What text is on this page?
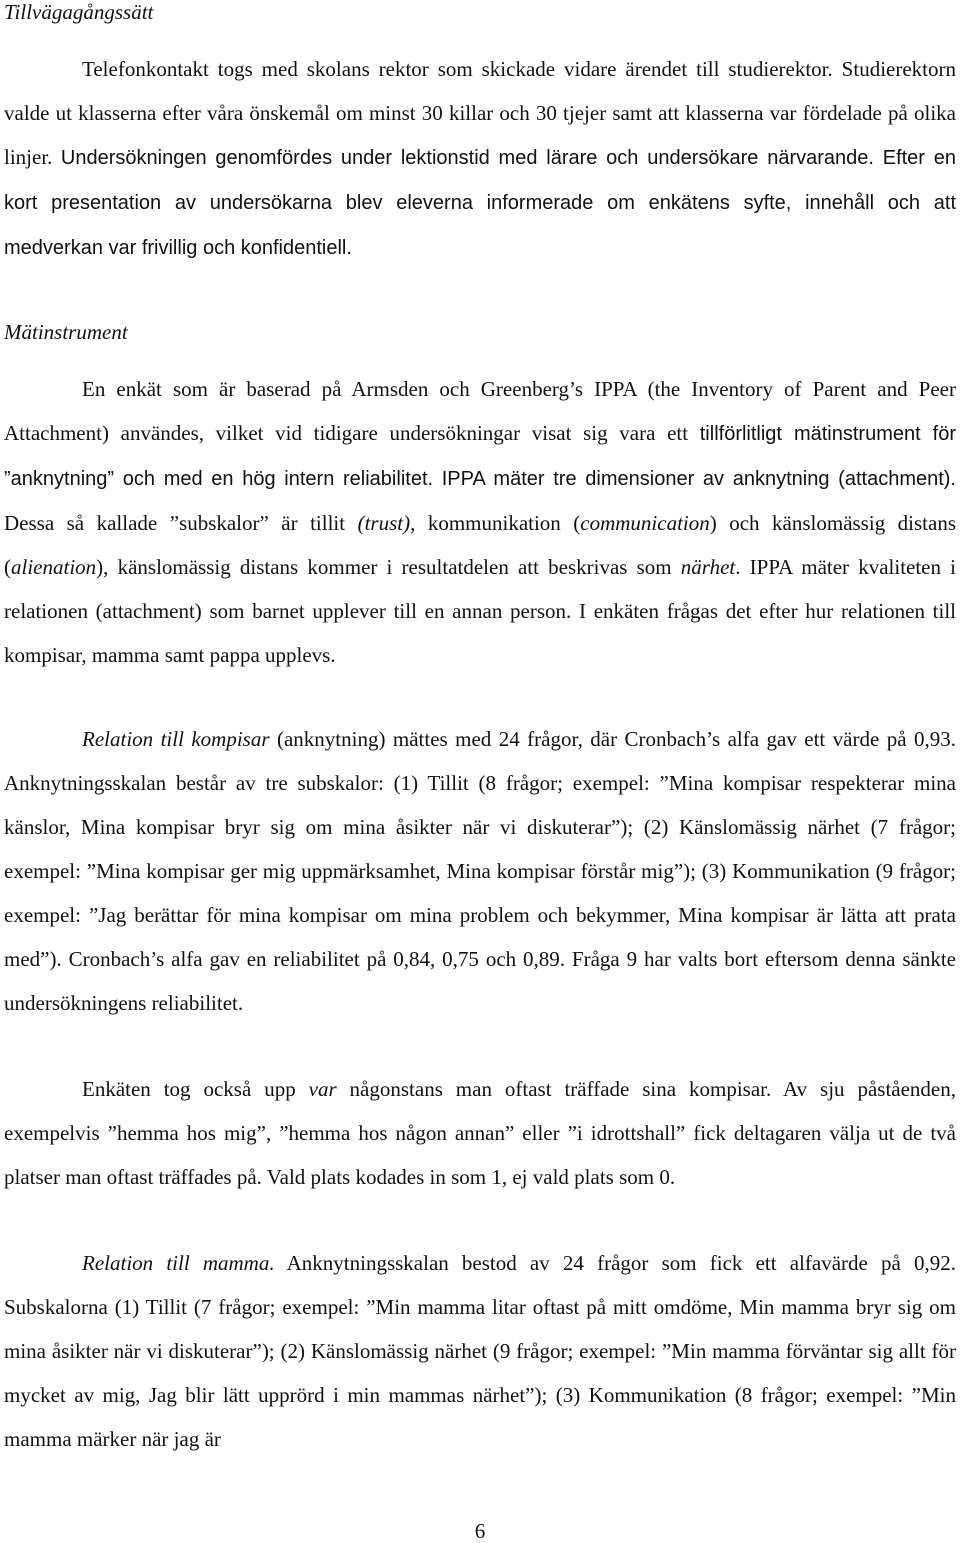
Tillvägagångssätt

Telefonkontakt togs med skolans rektor som skickade vidare ärendet till studierektor. Studierektorn valde ut klasserna efter våra önskemål om minst 30 killar och 30 tjejer samt att klasserna var fördelade på olika linjer. Undersökningen genomfördes under lektionstid med lärare och undersökare närvarande. Efter en kort presentation av undersökarna blev eleverna informerade om enkätens syfte, innehåll och att medverkan var frivillig och konfidentiell.

Mätinstrument

En enkät som är baserad på Armsden och Greenberg’s IPPA (the Inventory of Parent and Peer Attachment) användes, vilket vid tidigare undersökningar visat sig vara ett tillförlitligt mätinstrument för ”anknytning” och med en hög intern reliabilitet. IPPA mäter tre dimensioner av anknytning (attachment). Dessa så kallade ”subskalor” är tillit (trust), kommunikation (communication) och känslomässig distans (alienation), känslomässig distans kommer i resultatdelen att beskrivas som närhet. IPPA mäter kvaliteten i relationen (attachment) som barnet upplever till en annan person. I enkäten frågas det efter hur relationen till kompisar, mamma samt pappa upplevs.

Relation till kompisar (anknytning) mättes med 24 frågor, där Cronbach’s alfa gav ett värde på 0,93. Anknytningsskalan består av tre subskalor: (1) Tillit (8 frågor; exempel: ”Mina kompisar respekterar mina känslor, Mina kompisar bryr sig om mina åsikter när vi diskuterar”); (2) Känslomässig närhet (7 frågor; exempel: ”Mina kompisar ger mig uppmärksamhet, Mina kompisar förstår mig”); (3) Kommunikation (9 frågor; exempel: ”Jag berättar för mina kompisar om mina problem och bekymmer, Mina kompisar är lätta att prata med”). Cronbach’s alfa gav en reliabilitet på 0,84, 0,75 och 0,89. Fråga 9 har valts bort eftersom denna sänkte undersökningens reliabilitet.

Enkäten tog också upp var någonstans man oftast träffade sina kompisar. Av sju påståenden, exempelvis ”hemma hos mig”, ”hemma hos någon annan” eller ”i idrottshall” fick deltagaren välja ut de två platser man oftast träffades på. Vald plats kodades in som 1, ej vald plats som 0.

Relation till mamma. Anknytningsskalan bestod av 24 frågor som fick ett alfavärde på 0,92. Subskalorna (1) Tillit (7 frågor; exempel: ”Min mamma litar oftast på mitt omdöme, Min mamma bryr sig om mina åsikter när vi diskuterar”); (2) Känslomässig närhet (9 frågor; exempel: ”Min mamma förväntar sig allt för mycket av mig, Jag blir lätt upprörd i min mammas närhet”); (3) Kommunikation (8 frågor; exempel: ”Min mamma märker när jag är

6
